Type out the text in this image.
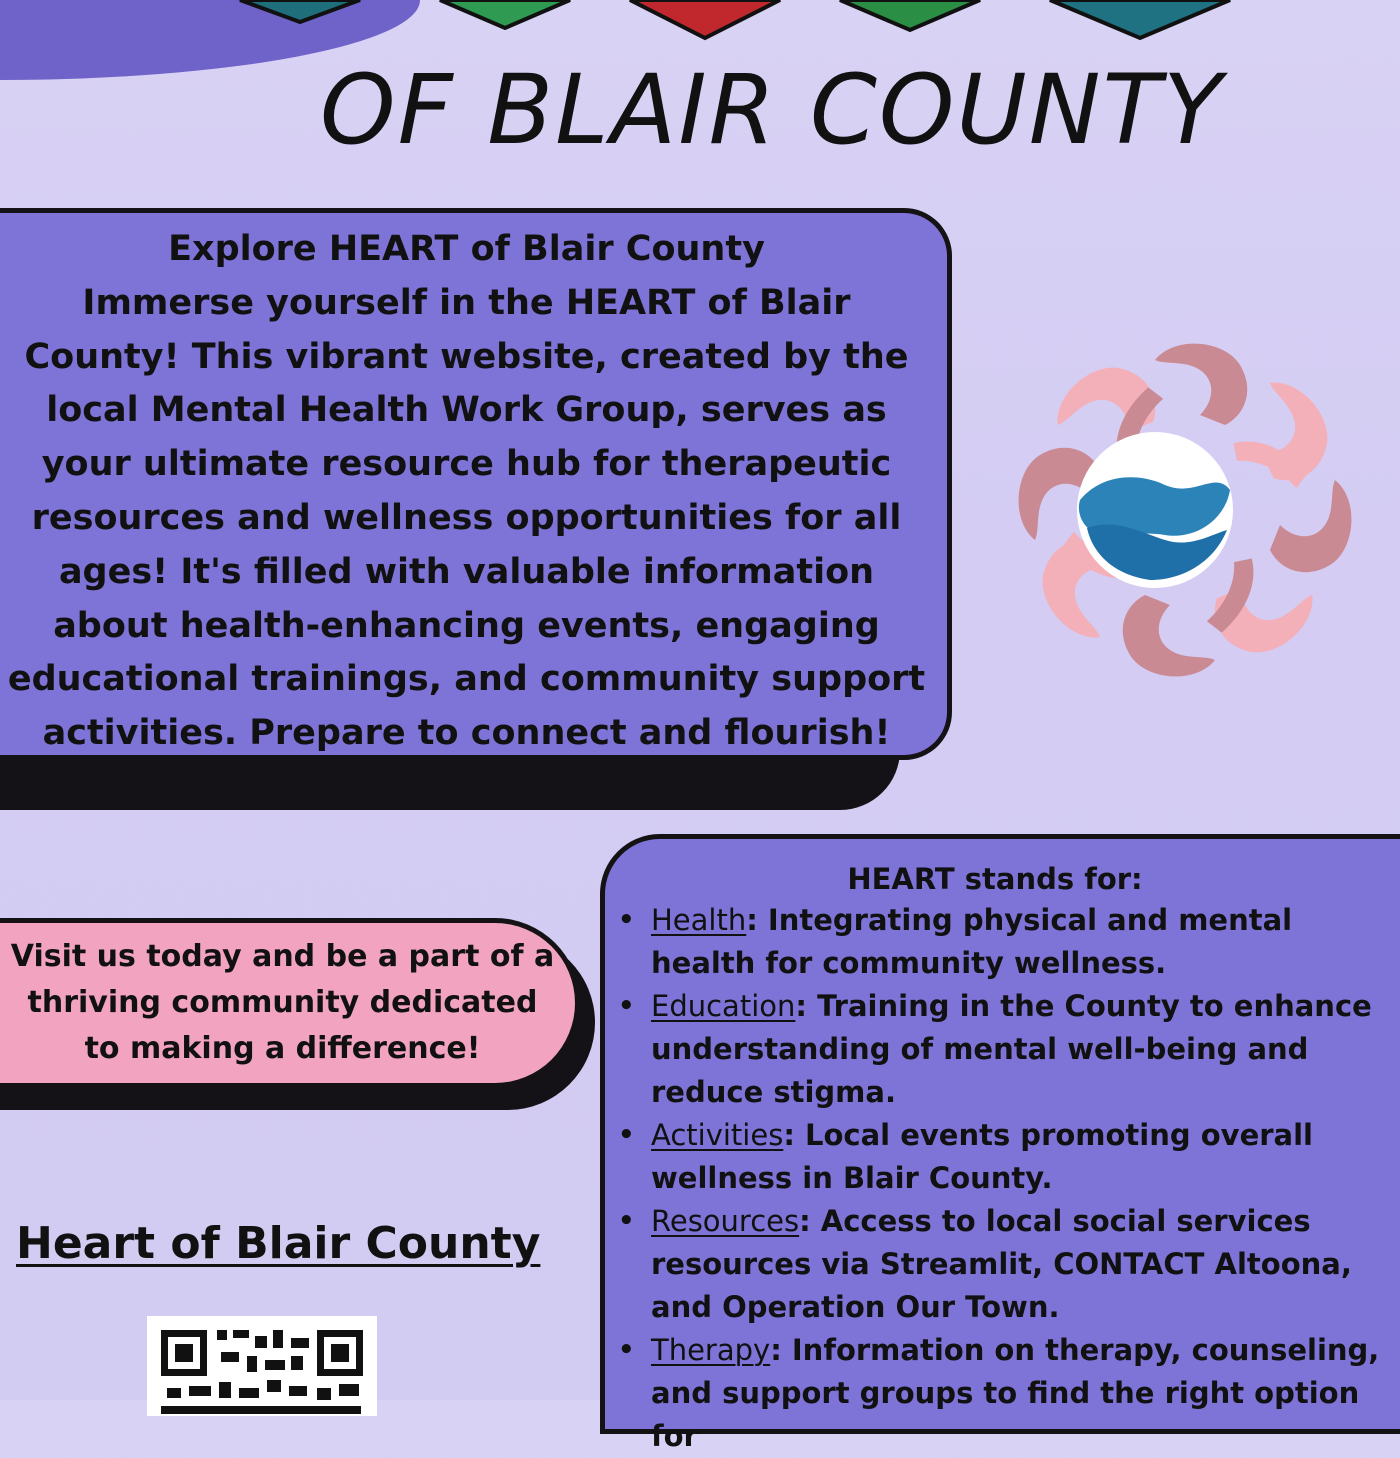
OF BLAIR COUNTY

Explore HEART of Blair County

Immerse yourself in the HEART of Blair County! This vibrant website, created by the local Mental Health Work Group, serves as your ultimate resource hub for therapeutic resources and wellness opportunities for all ages! It's filled with valuable information about health-enhancing events, engaging educational trainings, and community support activities. Prepare to connect and flourish!

Visit us today and be a part of a thriving community dedicated to making a difference!

Heart of Blair County

HEART stands for:

• Health: Integrating physical and mental health for community wellness.
• Education: Training in the County to enhance understanding of mental well-being and reduce stigma.
• Activities: Local events promoting overall wellness in Blair County.
• Resources: Access to local social services resources via Streamlit, CONTACT Altoona, and Operation Our Town.
• Therapy: Information on therapy, counseling, and support groups to find the right option for
